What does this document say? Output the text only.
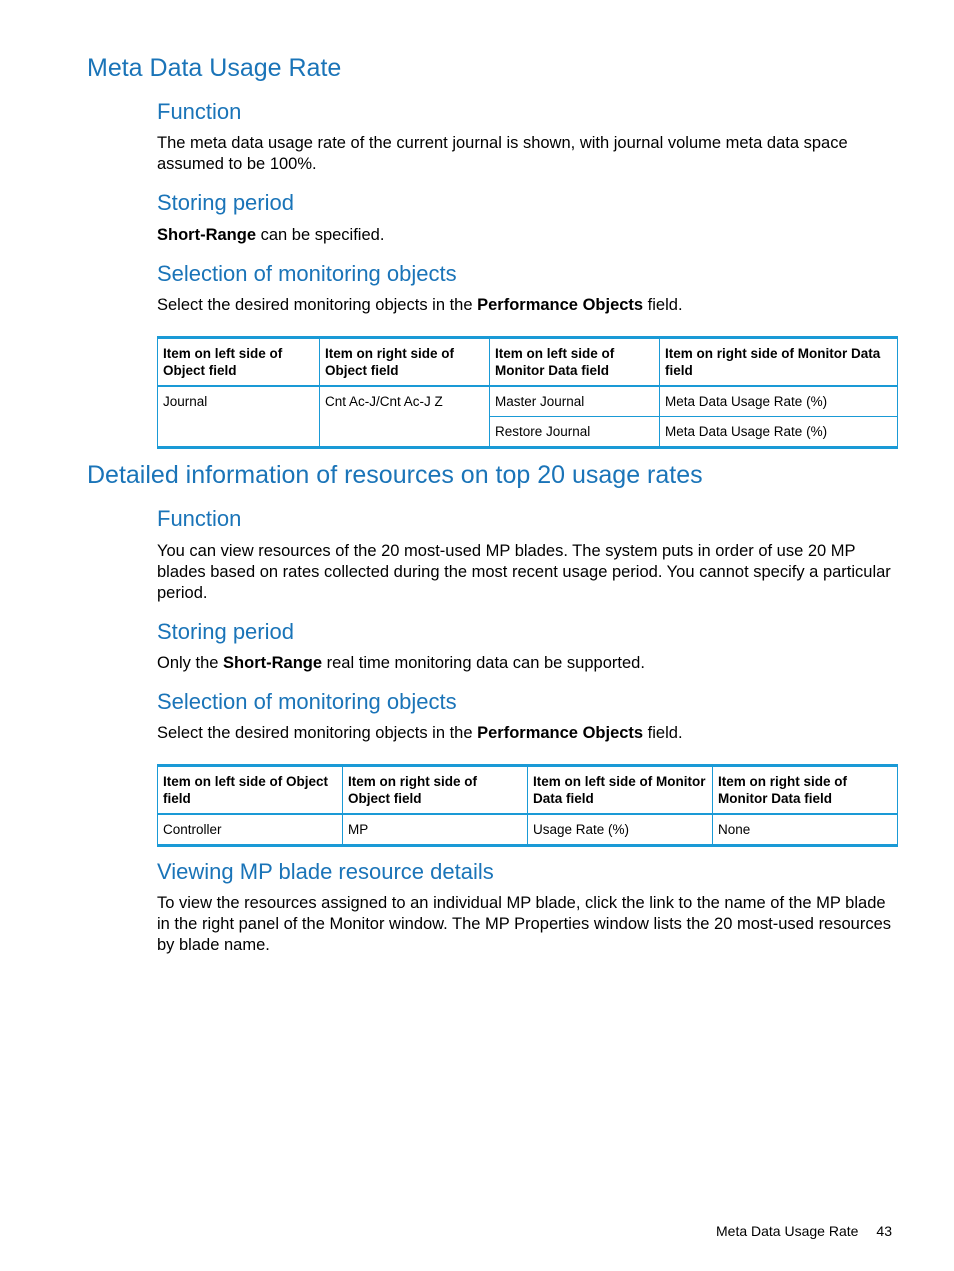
Meta Data Usage Rate
Function

The meta data usage rate of the current journal is shown, with journal volume meta data space assumed to be 100%.

Storing period

Short-Range can be specified.

Selection of monitoring objects

Select the desired monitoring objects in the Performance Objects field.

Item on left side of Object field	Item on right side of Object field	Item on left side of Monitor Data field	Item on right side of Monitor Data field
Journal	Cnt Ac-J/Cnt Ac-J Z	Master Journal	Meta Data Usage Rate (%)
		Restore Journal	Meta Data Usage Rate (%)
Detailed information of resources on top 20 usage rates
Function

You can view resources of the 20 most-used MP blades. The system puts in order of use 20 MP blades based on rates collected during the most recent usage period. You cannot specify a particular period.

Storing period

Only the Short-Range real time monitoring data can be supported.

Selection of monitoring objects

Select the desired monitoring objects in the Performance Objects field.

Item on left side of Object field	Item on right side of Object field	Item on left side of Monitor Data field	Item on right side of Monitor Data field
Controller	MP	Usage Rate (%)	None
Viewing MP blade resource details

To view the resources assigned to an individual MP blade, click the link to the name of the MP blade in the right panel of the Monitor window. The MP Properties window lists the 20 most-used resources by blade name.

Meta Data Usage Rate 43
